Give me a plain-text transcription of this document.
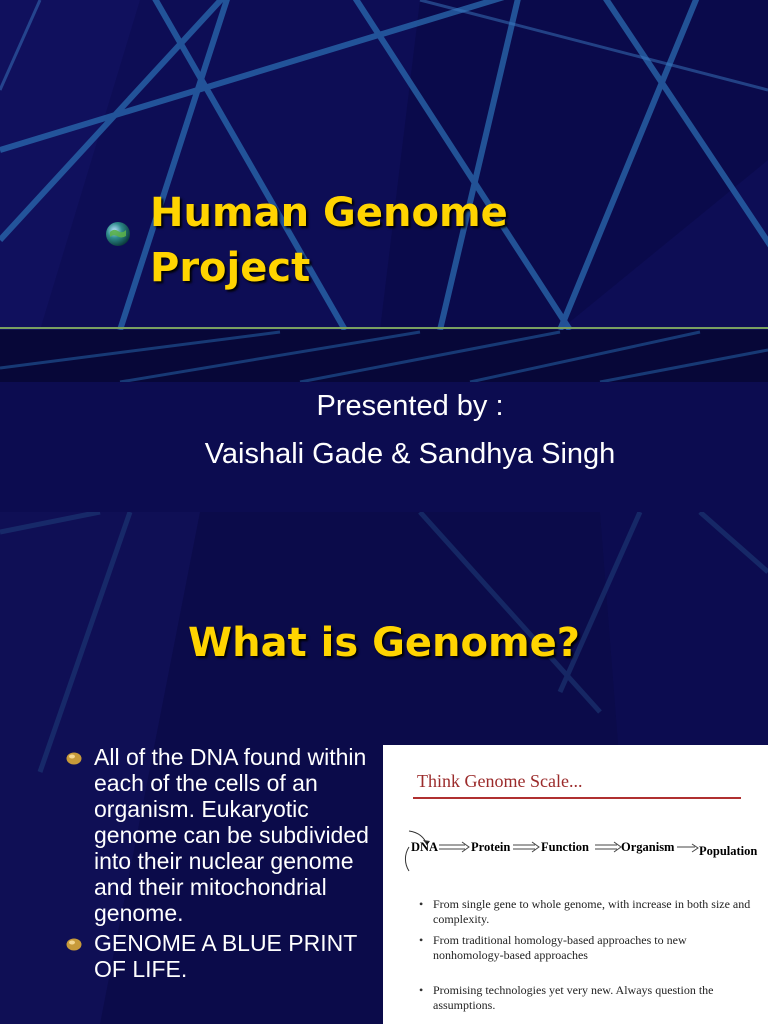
Human Genome
Project
Presented by :
Vaishali Gade & Sandhya Singh
What is Genome?
All of the DNA found within each of the cells of an organism. Eukaryotic genome can be subdivided into their nuclear genome and their mitochondrial genome.
GENOME A BLUE PRINT OF LIFE.
Think Genome Scale...
DNA	Protein Function	Organism Population
• From single gene to whole genome, with increase in both size and complexity.
• From traditional homology-based approaches to new nonhomology-based approaches
• Promising technologies yet very new. Always question the assumptions.
